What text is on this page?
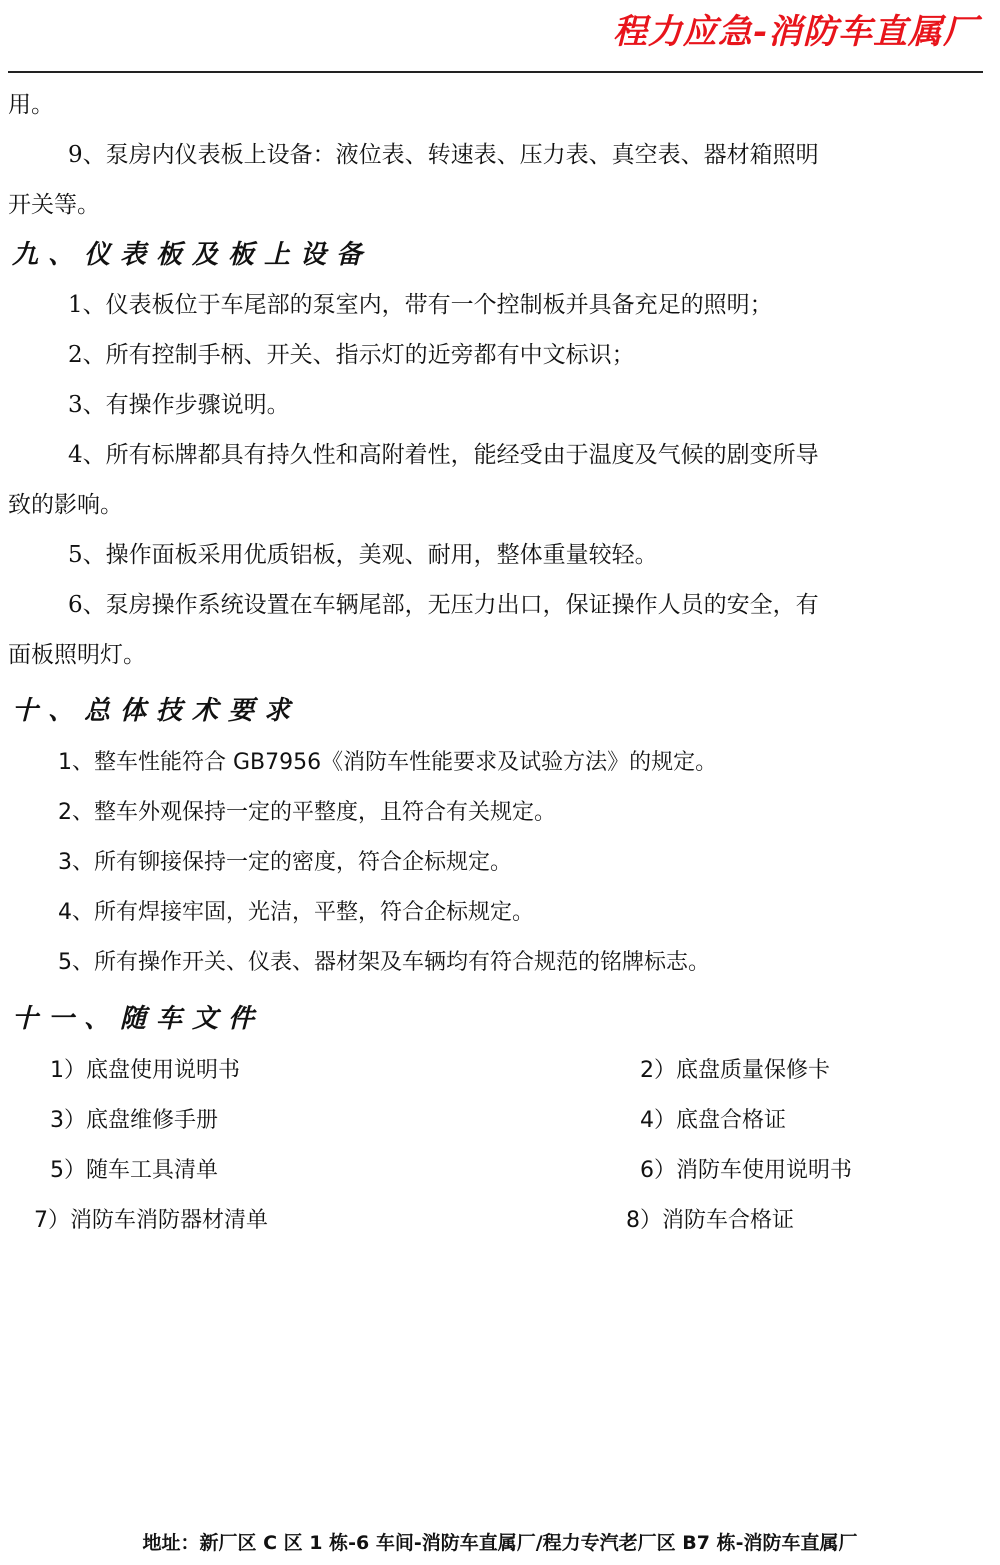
程力应急-消防车直属厂

用。

9、泵房内仪表板上设备：液位表、转速表、压力表、真空表、器材箱照明

开关等。

九、仪表板及板上设备

1、仪表板位于车尾部的泵室内，带有一个控制板并具备充足的照明；

2、所有控制手柄、开关、指示灯的近旁都有中文标识；

3、有操作步骤说明。

4、所有标牌都具有持久性和高附着性，能经受由于温度及气候的剧变所导

致的影响。

5、操作面板采用优质铝板，美观、耐用，整体重量较轻。

6、泵房操作系统设置在车辆尾部，无压力出口，保证操作人员的安全，有

面板照明灯。

十、总体技术要求

1、整车性能符合 GB7956《消防车性能要求及试验方法》的规定。

2、整车外观保持一定的平整度，且符合有关规定。

3、所有铆接保持一定的密度，符合企标规定。

4、所有焊接牢固，光洁，平整，符合企标规定。

5、所有操作开关、仪表、器材架及车辆均有符合规范的铭牌标志。

十一、随车文件
1）底盘使用说明书	2）底盘质量保修卡
3）底盘维修手册	4）底盘合格证
5）随车工具清单	6）消防车使用说明书
7）消防车消防器材清单	8）消防车合格证
地址：新厂区 C 区 1 栋-6 车间-消防车直属厂/程力专汽老厂区 B7 栋-消防车直属厂
